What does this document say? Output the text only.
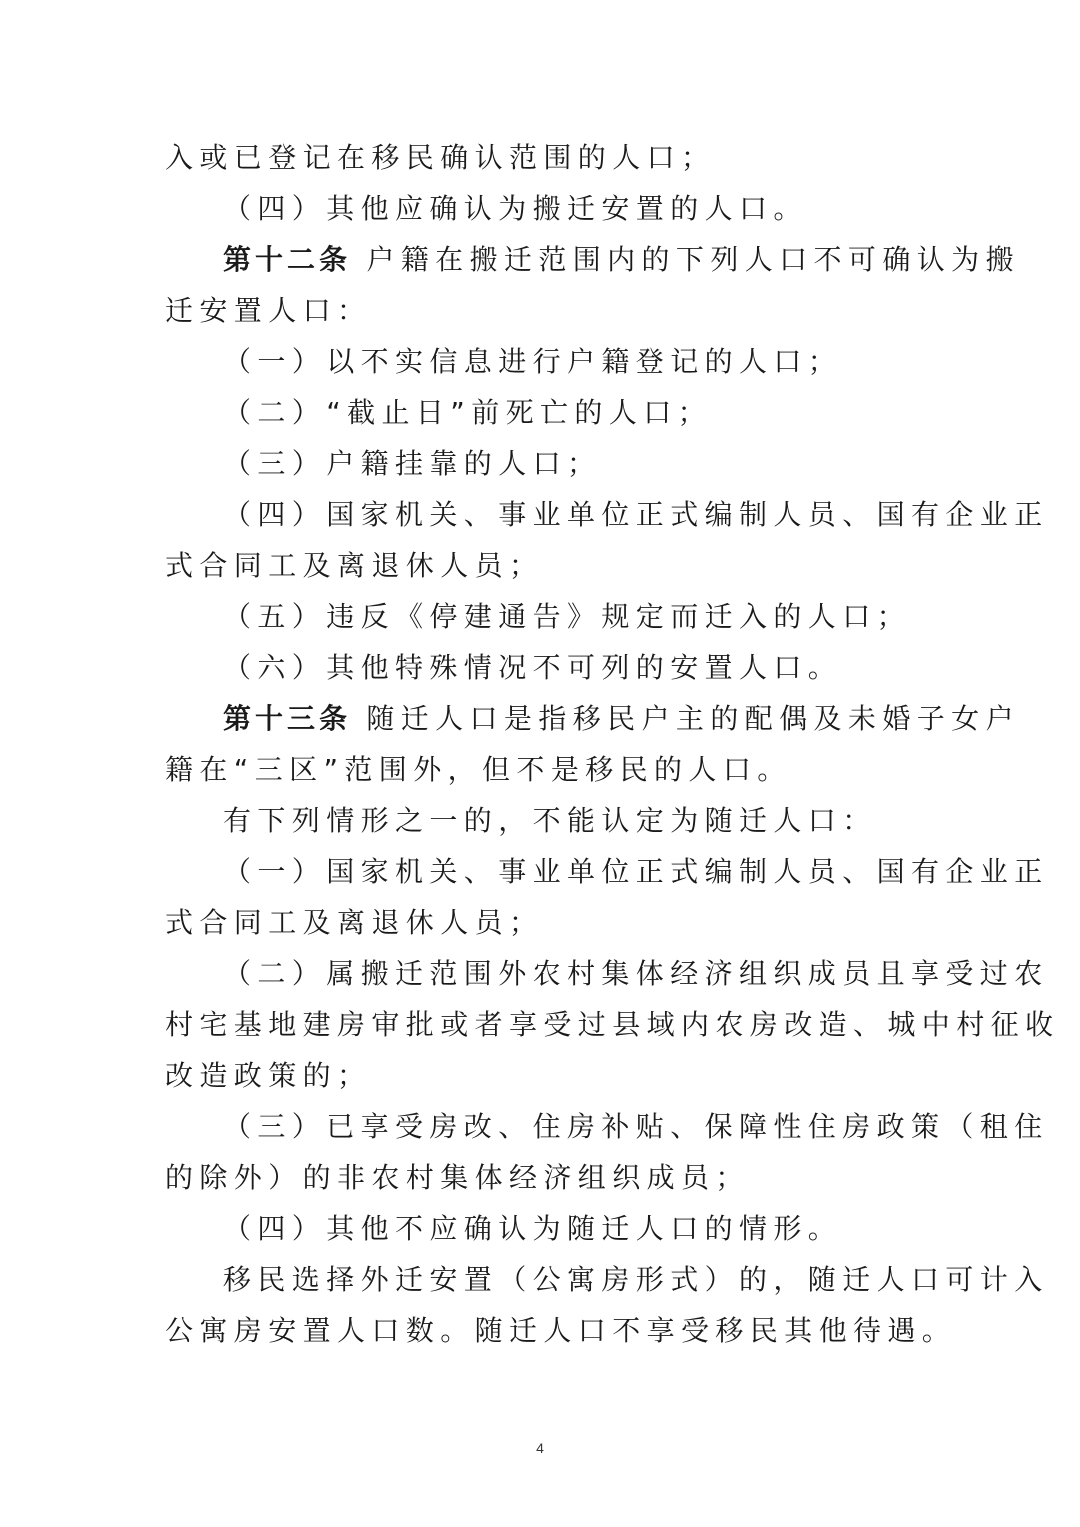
入或已登记在移民确认范围的人口；
（四）其他应确认为搬迁安置的人口。
第十二条 户籍在搬迁范围内的下列人口不可确认为搬
迁安置人口：
（一）以不实信息进行户籍登记的人口；
（二）“截止日”前死亡的人口；
（三）户籍挂靠的人口；
（四）国家机关、事业单位正式编制人员、国有企业正
式合同工及离退休人员；
（五）违反《停建通告》规定而迁入的人口；
（六）其他特殊情况不可列的安置人口。
第十三条 随迁人口是指移民户主的配偶及未婚子女户
籍在“三区”范围外，但不是移民的人口。
有下列情形之一的，不能认定为随迁人口：
（一）国家机关、事业单位正式编制人员、国有企业正
式合同工及离退休人员；
（二）属搬迁范围外农村集体经济组织成员且享受过农
村宅基地建房审批或者享受过县域内农房改造、城中村征收
改造政策的；
（三）已享受房改、住房补贴、保障性住房政策（租住
的除外）的非农村集体经济组织成员；
（四）其他不应确认为随迁人口的情形。
移民选择外迁安置（公寓房形式）的，随迁人口可计入
公寓房安置人口数。随迁人口不享受移民其他待遇。
4
